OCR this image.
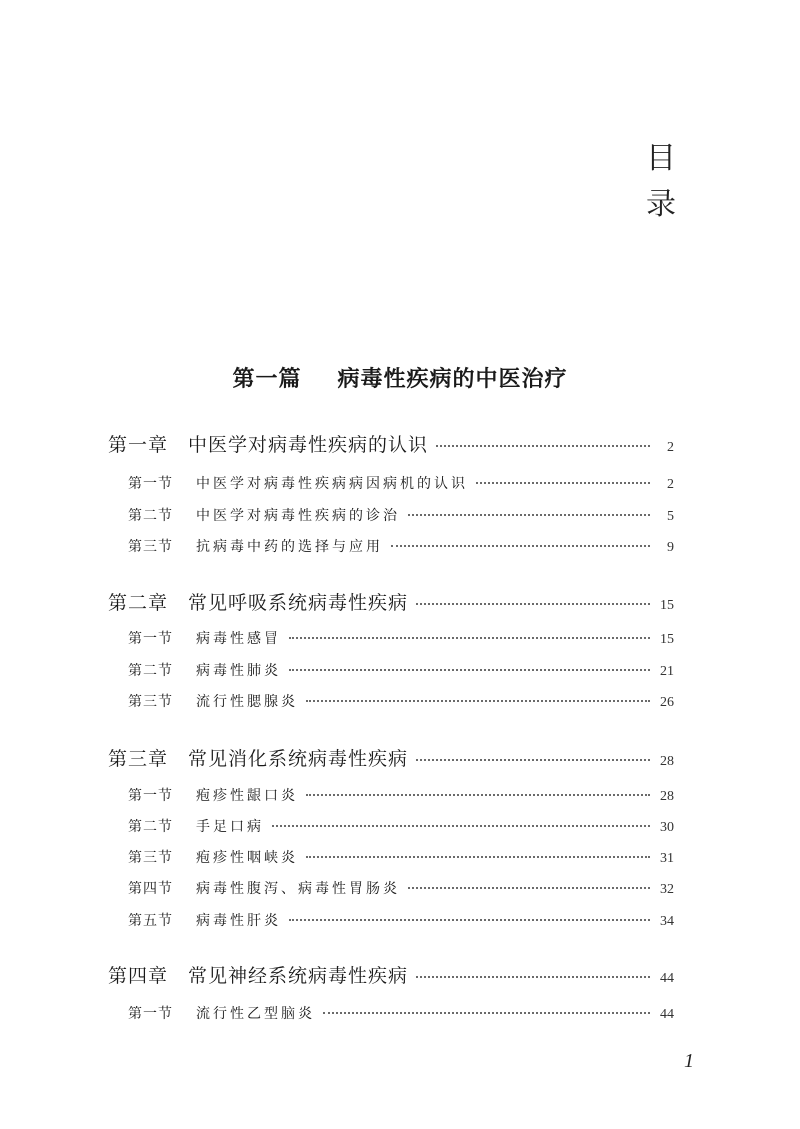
目
录
第一篇 病毒性疾病的中医治疗
第一章	中医学对病毒性疾病的认识	2
第一节	中医学对病毒性疾病病因病机的认识	2
第二节	中医学对病毒性疾病的诊治	5
第三节	抗病毒中药的选择与应用	9
第二章	常见呼吸系统病毒性疾病	15
第一节	病毒性感冒	15
第二节	病毒性肺炎	21
第三节	流行性腮腺炎	26
第三章	常见消化系统病毒性疾病	28
第一节	疱疹性龈口炎	28
第二节	手足口病	30
第三节	疱疹性咽峡炎	31
第四节	病毒性腹泻、病毒性胃肠炎	32
第五节	病毒性肝炎	34
第四章	常见神经系统病毒性疾病	44
第一节	流行性乙型脑炎	44
1
